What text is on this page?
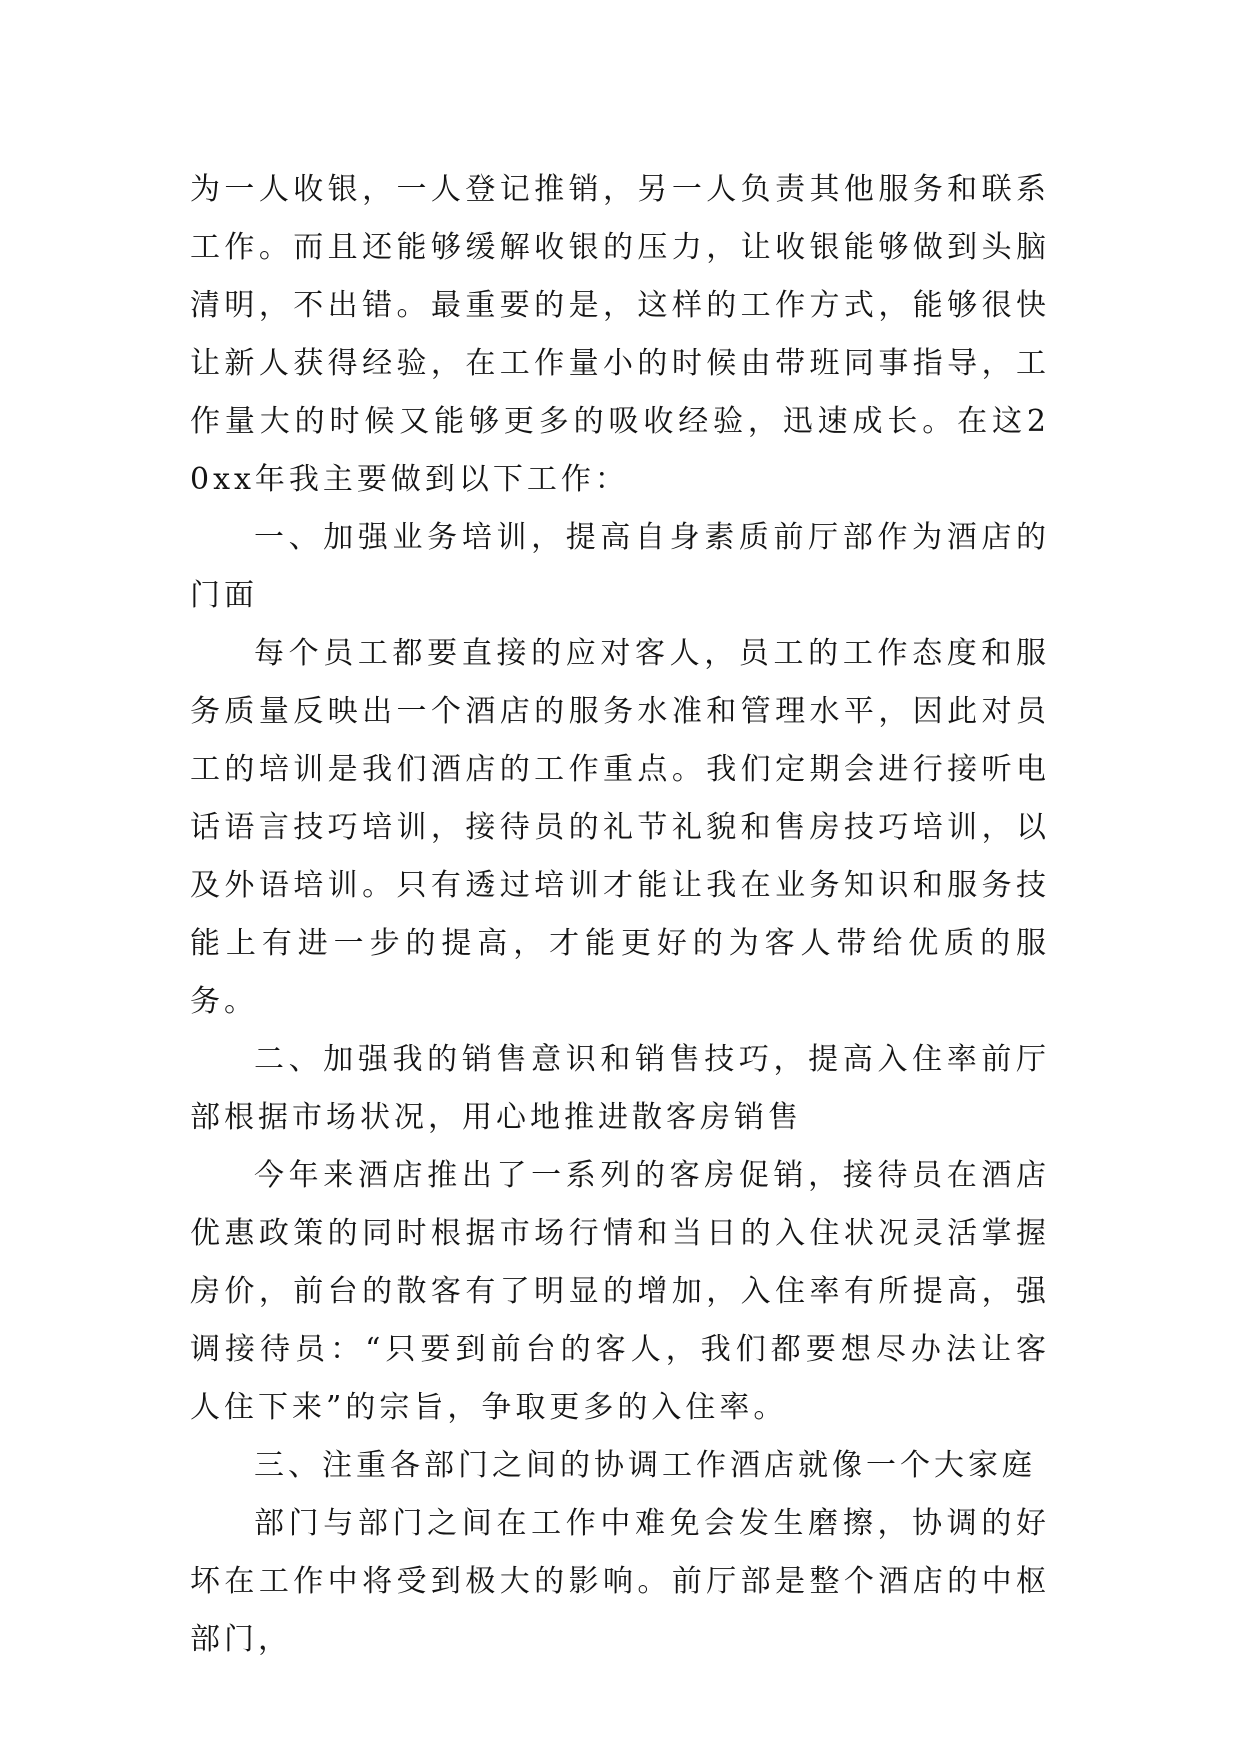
为一人收银，一人登记推销，另一人负责其他服务和联系工作。而且还能够缓解收银的压力，让收银能够做到头脑清明，不出错。最重要的是，这样的工作方式，能够很快让新人获得经验，在工作量小的时候由带班同事指导，工作量大的时候又能够更多的吸收经验，迅速成长。在这20xx年我主要做到以下工作：

一、加强业务培训，提高自身素质前厅部作为酒店的门面

每个员工都要直接的应对客人，员工的工作态度和服务质量反映出一个酒店的服务水准和管理水平，因此对员工的培训是我们酒店的工作重点。我们定期会进行接听电话语言技巧培训，接待员的礼节礼貌和售房技巧培训，以及外语培训。只有透过培训才能让我在业务知识和服务技能上有进一步的提高，才能更好的为客人带给优质的服务。

二、加强我的销售意识和销售技巧，提高入住率前厅部根据市场状况，用心地推进散客房销售

今年来酒店推出了一系列的客房促销，接待员在酒店优惠政策的同时根据市场行情和当日的入住状况灵活掌握房价，前台的散客有了明显的增加，入住率有所提高，强调接待员：“只要到前台的客人，我们都要想尽办法让客人住下来”的宗旨，争取更多的入住率。

三、注重各部门之间的协调工作酒店就像一个大家庭

部门与部门之间在工作中难免会发生磨擦，协调的好坏在工作中将受到极大的影响。前厅部是整个酒店的中枢部门，
